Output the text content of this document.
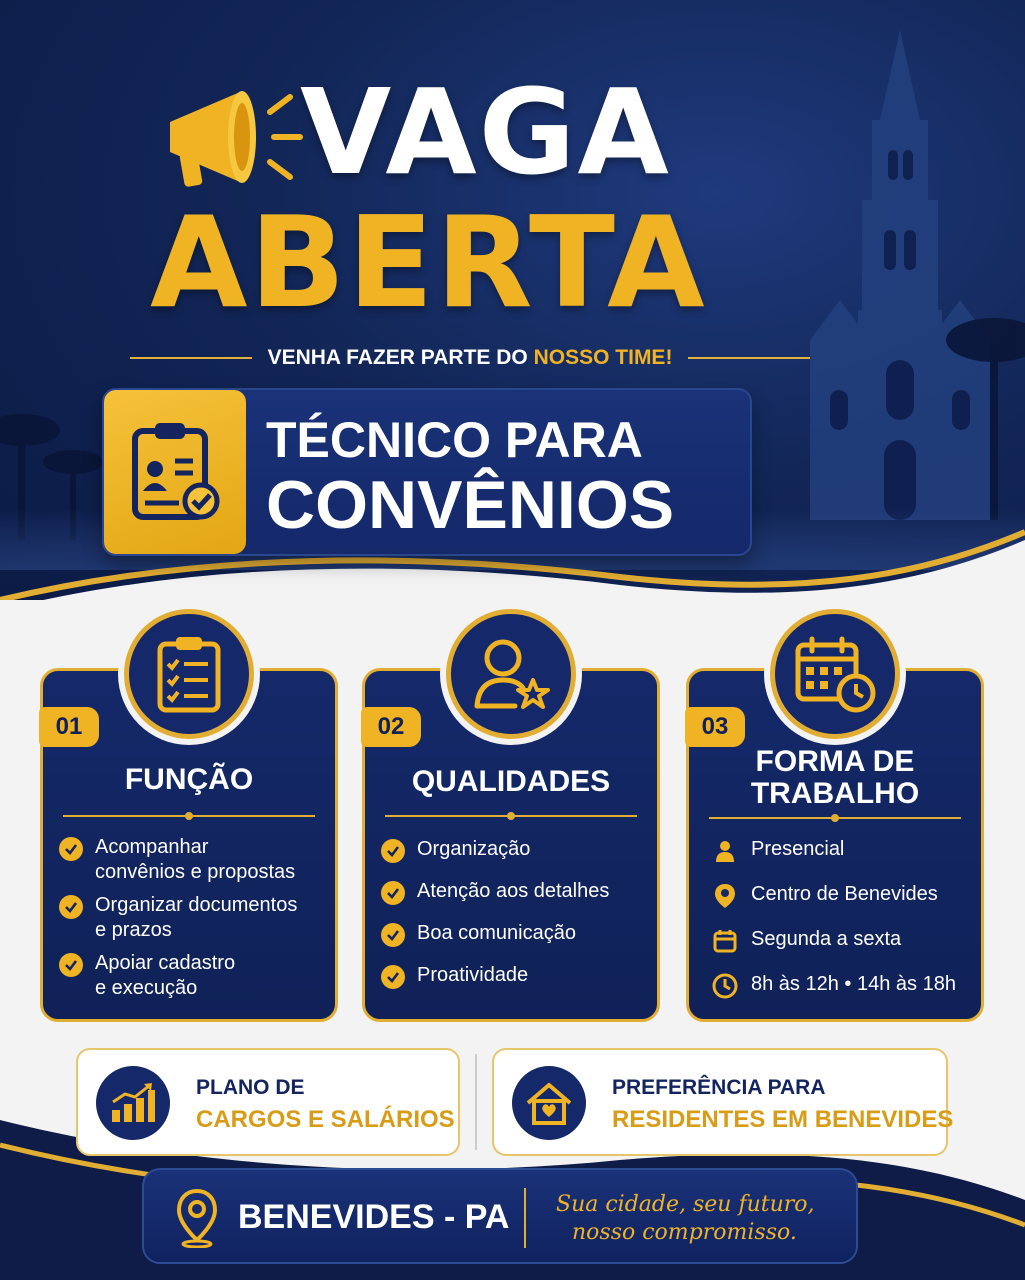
VAGA
ABERTA
VENHA FAZER PARTE DO NOSSO TIME!
TÉCNICO PARA
CONVÊNIOS
01
FUNÇÃO
Acompanhar
convênios e propostas
Organizar documentos
e prazos
Apoiar cadastro
e execução
02
QUALIDADES
Organização
Atenção aos detalhes
Boa comunicação
Proatividade
03
FORMA DE
TRABALHO
Presencial
Centro de Benevides
Segunda a sexta
8h às 12h • 14h às 18h
PLANO DE
CARGOS E SALÁRIOS
PREFERÊNCIA PARA
RESIDENTES EM BENEVIDES
BENEVIDES - PA Sua cidade, seu futuro,
nosso compromisso.
